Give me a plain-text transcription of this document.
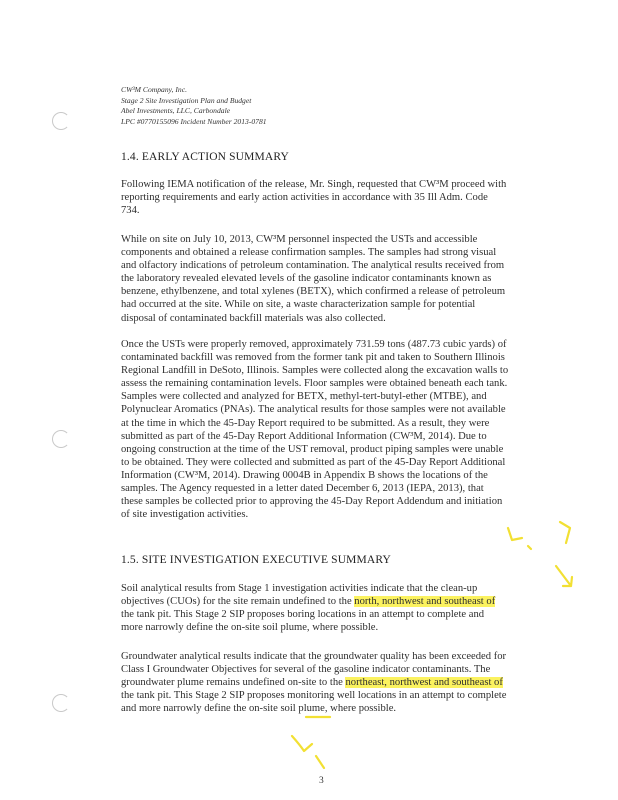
CW³M Company, Inc.
Stage 2 Site Investigation Plan and Budget
Abel Investments, LLC, Carbondale
LPC #0770155096 Incident Number 2013-0781
1.4. EARLY ACTION SUMMARY
Following IEMA notification of the release, Mr. Singh, requested that CW³M proceed with
reporting requirements and early action activities in accordance with 35 Ill Adm. Code
734.
While on site on July 10, 2013, CW³M personnel inspected the USTs and accessible
components and obtained a release confirmation samples. The samples had strong visual
and olfactory indications of petroleum contamination. The analytical results received from
the laboratory revealed elevated levels of the gasoline indicator contaminants known as
benzene, ethylbenzene, and total xylenes (BETX), which confirmed a release of petroleum
had occurred at the site. While on site, a waste characterization sample for potential
disposal of contaminated backfill materials was also collected.
Once the USTs were properly removed, approximately 731.59 tons (487.73 cubic yards) of
contaminated backfill was removed from the former tank pit and taken to Southern Illinois
Regional Landfill in DeSoto, Illinois. Samples were collected along the excavation walls to
assess the remaining contamination levels. Floor samples were obtained beneath each tank.
Samples were collected and analyzed for BETX, methyl-tert-butyl-ether (MTBE), and
Polynuclear Aromatics (PNAs). The analytical results for those samples were not available
at the time in which the 45-Day Report required to be submitted. As a result, they were
submitted as part of the 45-Day Report Additional Information (CW³M, 2014). Due to
ongoing construction at the time of the UST removal, product piping samples were unable
to be obtained. They were collected and submitted as part of the 45-Day Report Additional
Information (CW³M, 2014). Drawing 0004B in Appendix B shows the locations of the
samples. The Agency requested in a letter dated December 6, 2013 (IEPA, 2013), that
these samples be collected prior to approving the 45-Day Report Addendum and initiation
of site investigation activities.
1.5. SITE INVESTIGATION EXECUTIVE SUMMARY
Soil analytical results from Stage 1 investigation activities indicate that the clean-up
objectives (CUOs) for the site remain undefined to the north, northwest and southeast of
the tank pit. This Stage 2 SIP proposes boring locations in an attempt to complete and
more narrowly define the on-site soil plume, where possible.
Groundwater analytical results indicate that the groundwater quality has been exceeded for
Class I Groundwater Objectives for several of the gasoline indicator contaminants. The
groundwater plume remains undefined on-site to the northeast, northwest and southeast of
the tank pit. This Stage 2 SIP proposes monitoring well locations in an attempt to complete
and more narrowly define the on-site soil plume, where possible.
3
